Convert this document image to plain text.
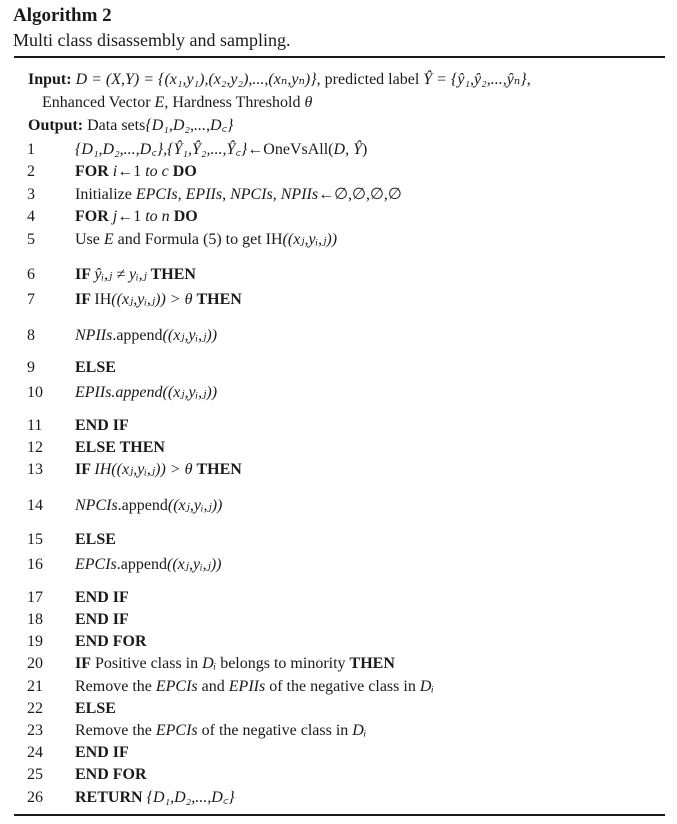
Algorithm 2
Multi class disassembly and sampling.
Input: D = (X,Y) = {(x₁,y₁),(x₂,y₂),...,(xₙ,yₙ)}, predicted label Ŷ = {ŷ₁,ŷ₂,...,ŷₙ},
Enhanced Vector E, Hardness Threshold θ
Output: Data sets{D₁,D₂,...,D꜀}
1	{D₁,D₂,...,D꜀},{Ŷ₁,Ŷ₂,...,Ŷ꜀}←OneVsAll(D, Ŷ)
2	FOR i←1 to c DO
3	Initialize EPCIs, EPIIs, NPCIs, NPIIs←∅,∅,∅,∅
4	FOR j←1 to n DO
5	Use E and Formula (5) to get IH((xⱼ,yᵢ,ⱼ))
6	IF ŷᵢ,ⱼ ≠ yᵢ,ⱼ THEN
7	IF IH((xⱼ,yᵢ,ⱼ)) > θ THEN
8	NPIIs.append((xⱼ,yᵢ,ⱼ))
9	ELSE
10 EPIIs.append((xⱼ,yᵢ,ⱼ))
11 END IF
12 ELSE THEN
13 IF IH((xⱼ,yᵢ,ⱼ)) > θ THEN
14 NPCIs.append((xⱼ,yᵢ,ⱼ))
15 ELSE
16 EPCIs.append((xⱼ,yᵢ,ⱼ))
17 END IF
18 END IF
19 END FOR
20 IF Positive class in Dᵢ belongs to minority THEN
21 Remove the EPCIs and EPIIs of the negative class in Dᵢ
22 ELSE
23 Remove the EPCIs of the negative class in Dᵢ
24 END IF
25 END FOR
26 RETURN {D₁,D₂,...,D꜀}
